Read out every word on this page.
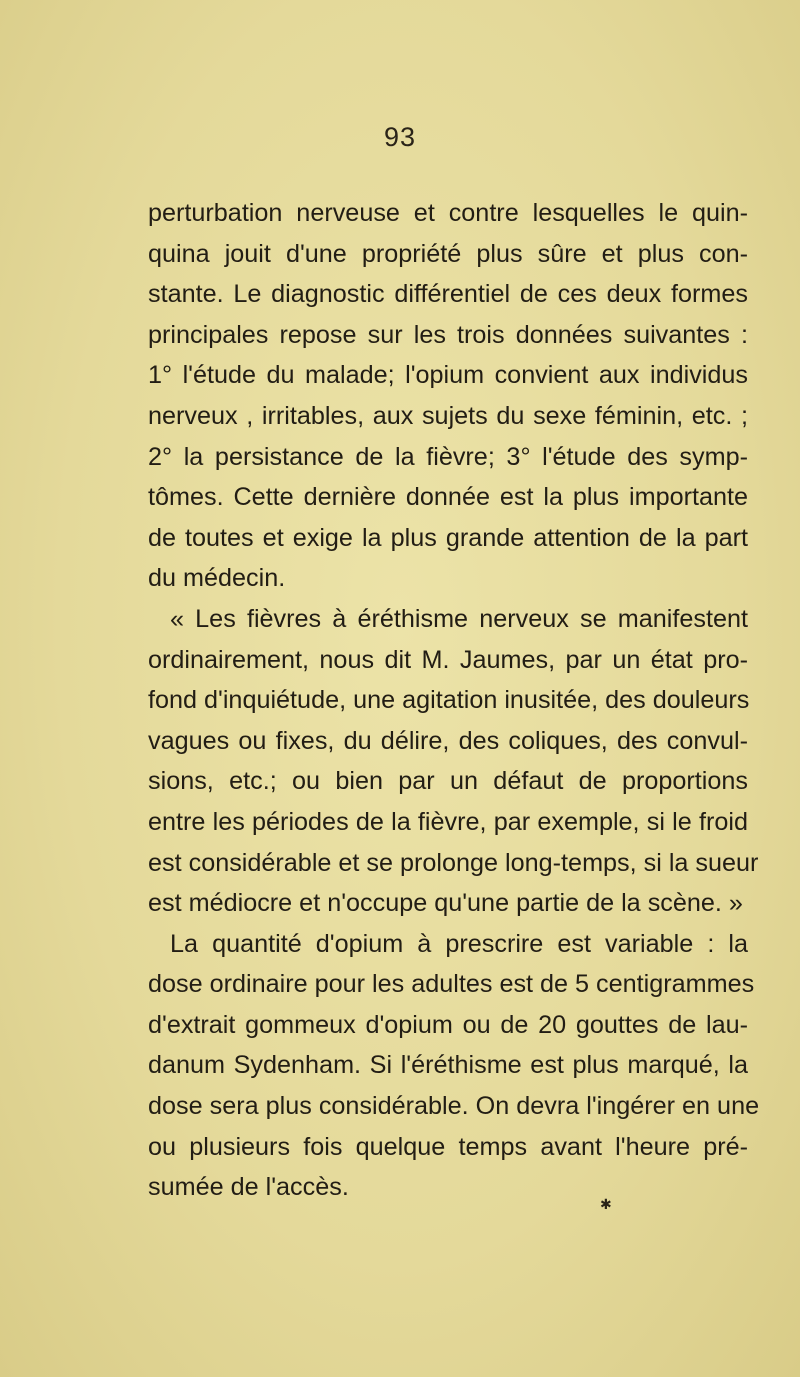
93
perturbation nerveuse et contre lesquelles le quin-
quina jouit d'une propriété plus sûre et plus con-
stante. Le diagnostic différentiel de ces deux formes
principales repose sur les trois données suivantes :
1° l'étude du malade; l'opium convient aux individus
nerveux , irritables, aux sujets du sexe féminin, etc. ;
2° la persistance de la fièvre; 3° l'étude des symp-
tômes. Cette dernière donnée est la plus importante
de toutes et exige la plus grande attention de la part
du médecin.
« Les fièvres à éréthisme nerveux se manifestent
ordinairement, nous dit M. Jaumes, par un état pro-
fond d'inquiétude, une agitation inusitée, des douleurs
vagues ou fixes, du délire, des coliques, des convul-
sions, etc.; ou bien par un défaut de proportions
entre les périodes de la fièvre, par exemple, si le froid
est considérable et se prolonge long-temps, si la sueur
est médiocre et n'occupe qu'une partie de la scène. »
La quantité d'opium à prescrire est variable : la
dose ordinaire pour les adultes est de 5 centigrammes
d'extrait gommeux d'opium ou de 20 gouttes de lau-
danum Sydenham. Si l'éréthisme est plus marqué, la
dose sera plus considérable. On devra l'ingérer en une
ou plusieurs fois quelque temps avant l'heure pré-
sumée de l'accès.
✱
